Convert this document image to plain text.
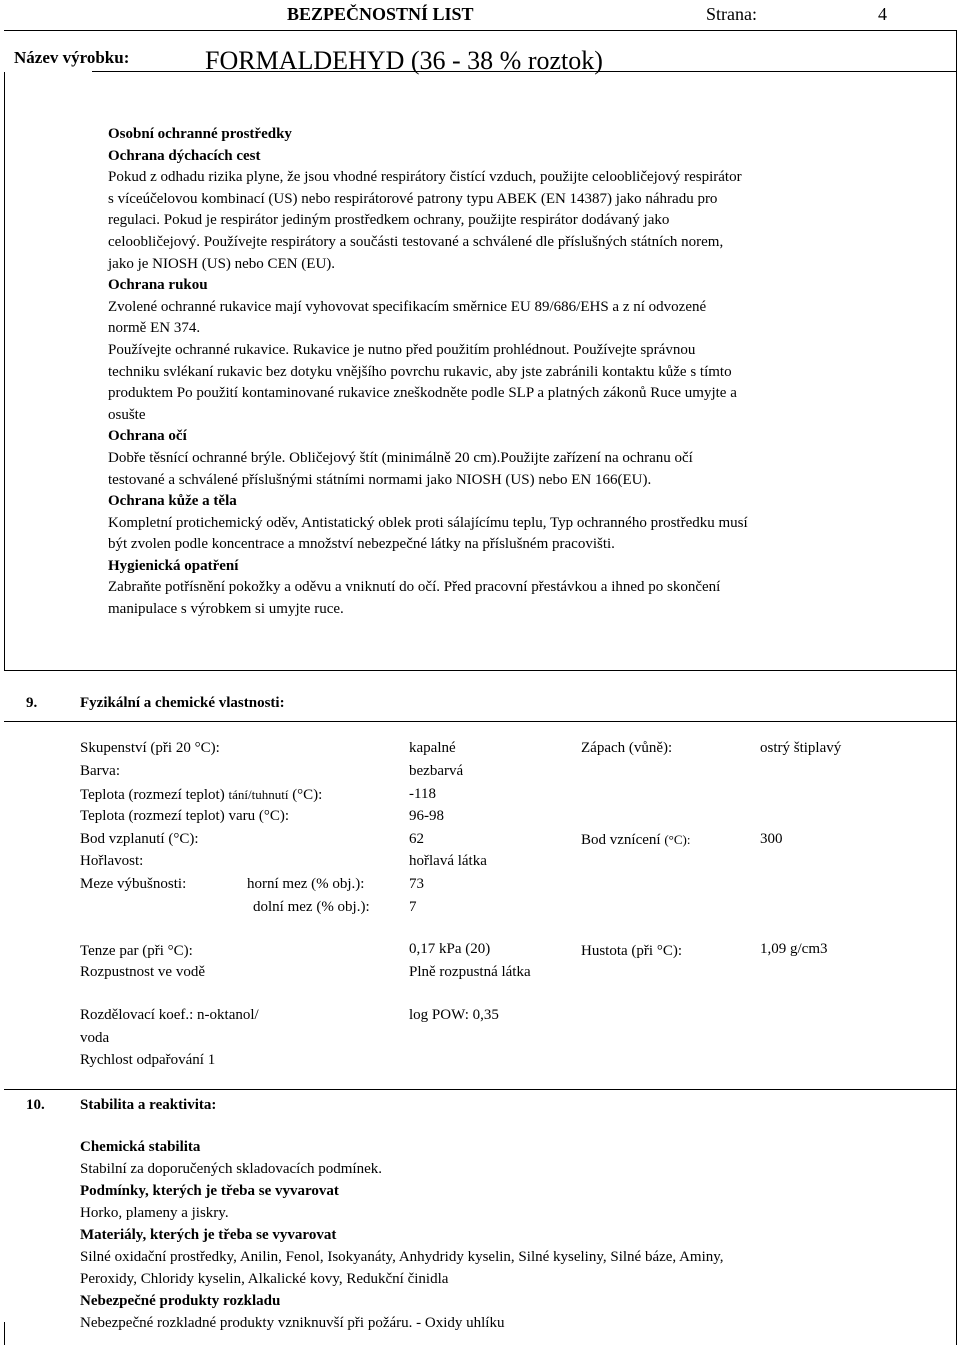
BEZPEČNOSTNÍ LIST	Strana:	4
Název výrobku:	FORMALDEHYD (36 - 38 % roztok)
Osobní ochranné prostředky
Ochrana dýchacích cest
Pokud z odhadu rizika plyne, že jsou vhodné respirátory čistící vzduch, použijte celoobličejový respirátor
s víceúčelovou kombinací (US) nebo respirátorové patrony typu ABEK (EN 14387) jako náhradu pro
regulaci. Pokud je respirátor jediným prostředkem ochrany, použijte respirátor dodávaný jako
celoobličejový. Používejte respirátory a součásti testované a schválené dle příslušných státních norem,
jako je NIOSH (US) nebo CEN (EU).
Ochrana rukou
Zvolené ochranné rukavice mají vyhovovat specifikacím směrnice EU 89/686/EHS a z ní odvozené
normě EN 374.
Používejte ochranné rukavice. Rukavice je nutno před použitím prohlédnout. Používejte správnou
techniku svlékaní rukavic bez dotyku vnějšího povrchu rukavic, aby jste zabránili kontaktu kůže s tímto
produktem Po použití kontaminované rukavice zneškodněte podle SLP a platných zákonů Ruce umyjte a
osušte
Ochrana očí
Dobře těsnící ochranné brýle. Obličejový štít (minimálně 20 cm).Použijte zařízení na ochranu očí
testované a schválené příslušnými státními normami jako NIOSH (US) nebo EN 166(EU).
Ochrana kůže a těla
Kompletní protichemický oděv, Antistatický oblek proti sálajícímu teplu, Typ ochranného prostředku musí
být zvolen podle koncentrace a množství nebezpečné látky na příslušném pracovišti.
Hygienická opatření
Zabraňte potřísnění pokožky a oděvu a vniknutí do očí. Před pracovní přestávkou a ihned po skončení
manipulace s výrobkem si umyjte ruce.
9.	Fyzikální a chemické vlastnosti:
Skupenství (při 20 °C):	kapalné	Zápach (vůně):	ostrý štiplavý
Barva:	bezbarvá
Teplota (rozmezí teplot) tání/tuhnutí (°C):	-118
Teplota (rozmezí teplot) varu (°C):	96-98
Bod vzplanutí (°C):	62	Bod vznícení (°C):	300
Hořlavost:	hořlavá látka
Meze výbušnosti:	horní mez (% obj.):	73
dolní mez (% obj.):	7
Tenze par (při °C):	0,17 kPa (20)	Hustota (při °C):	1,09 g/cm3
Rozpustnost ve vodě	Plně rozpustná látka
Rozdělovací koef.: n-oktanol/	log POW: 0,35
voda
Rychlost odpařování 1
10. Stabilita a reaktivita:
Chemická stabilita
Stabilní za doporučených skladovacích podmínek.
Podmínky, kterých je třeba se vyvarovat
Horko, plameny a jiskry.
Materiály, kterých je třeba se vyvarovat
Silné oxidační prostředky, Anilin, Fenol, Isokyanáty, Anhydridy kyselin, Silné kyseliny, Silné báze, Aminy,
Peroxidy, Chloridy kyselin, Alkalické kovy, Redukční činidla
Nebezpečné produkty rozkladu
Nebezpečné rozkladné produkty vzniknuvší při požáru. - Oxidy uhlíku
